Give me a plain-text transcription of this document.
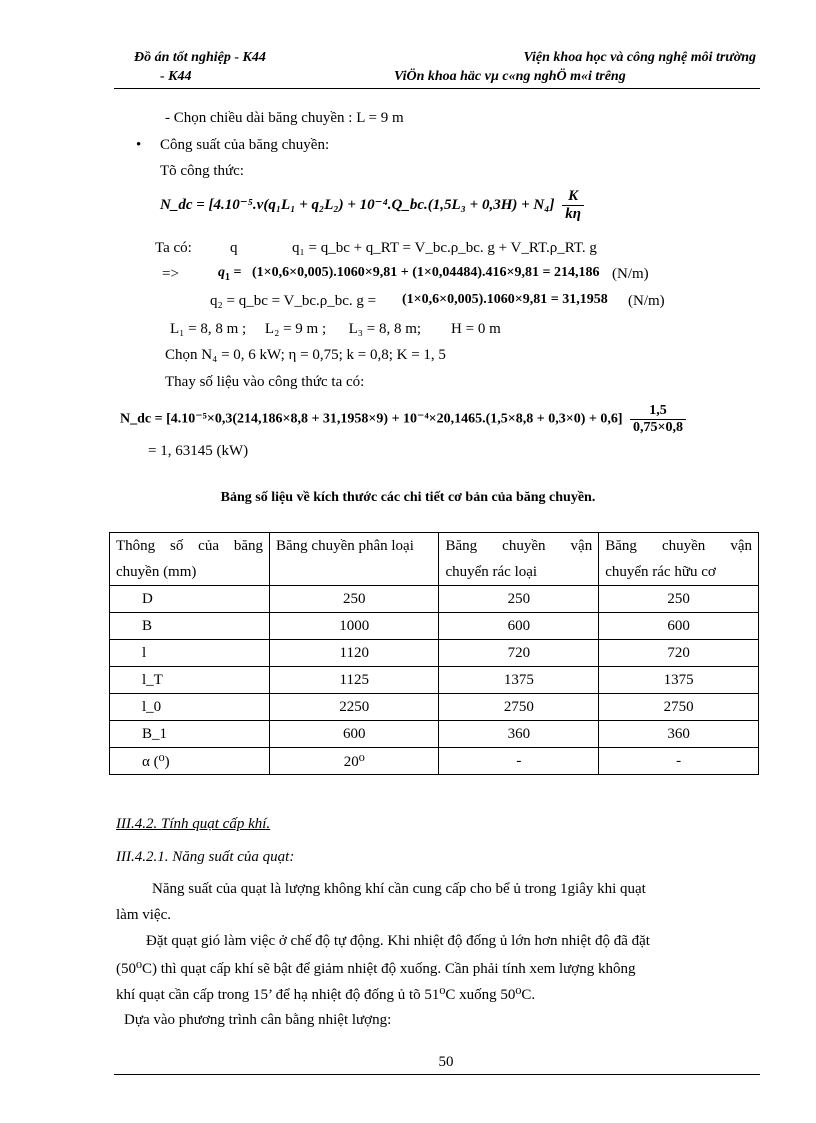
Đồ án tốt nghiệp - K44
- K44
Viện khoa học và công nghệ môi trường
ViÖn khoa häc vµ c«ng nghÖ m«i trêng
- Chọn chiều dài băng chuyền : L = 9 m
• Công suất của băng chuyền:
Tõ công thức:
N_dc = [4.10⁻⁵.v(q₁L₁ + q₂L₂) + 10⁻⁴.Q_bc.(1,5L₃ + $0,3H) + N_4] \frac{K}{k\eta}$
Ta có:	q	q₁ = q_bc + q_RT = V_bc.ρ_bc. g + V_RT.ρ_RT. g
=>	$q_1 = (1\times 0,6\times 0,005).1060\times 9,81 + (1\times 0,04484).416\times 9,81 = 214,186$ (N/m)
q₂ = q_bc = V_bc.ρ_bc. g = (1×0,6×0,005).1060×9,81 = 31,1958 (N/m)
L₁ = 8, 8 m ;     L₂ = 9 m ;      L₃ = 8, 8 m;        H = 0 m
Chọn N₄ = 0, 6 kW; η = 0,75; k = 0,8; K = 1, 5
Thay số liệu vào công thức ta có:
N_dc = $[4.10^{-5}\times 0,3(214,186\times 8,8 + 31,1958\times 9) + 10^{-4}\times 20,1465.(1,5\times 8,8 + 0,3\times 0) + 0,6] \frac{1,5}{0,75\times 0,8}$
= 1, 63145 (kW)
Bảng số liệu về kích thước các chi tiết cơ bản của băng chuyền.
Thông số của băng chuyền (mm)	Băng chuyền phân loại	Băng chuyền vận chuyển rác loại	Băng chuyền vận chuyển rác hữu cơ
D	250	250	250
B	1000	600	600
l	1120	720	720
l_T	1125	1375	1375
l_0	2250	2750	2750
B_1	600	360	360
α (⁰)	20⁰	-	-
III.4.2. Tính quạt cấp khí.
III.4.2.1. Năng suất của quạt:
Năng suất của quạt là lượng không khí cần cung cấp cho bể ủ trong 1giây khi quạt
làm việc.
Đặt quạt gió làm việc ở chế độ tự động. Khi nhiệt độ đống ủ lớn hơn nhiệt độ đã đặt
(50⁰C) thì quạt cấp khí sẽ bật để giảm nhiệt độ xuống. Cần phải tính xem lượng không
khí quạt cần cấp trong 15’ để hạ nhiệt độ đống ủ tõ 51⁰C xuống 50⁰C.
Dựa vào phương trình cân bằng nhiệt lượng:
50
